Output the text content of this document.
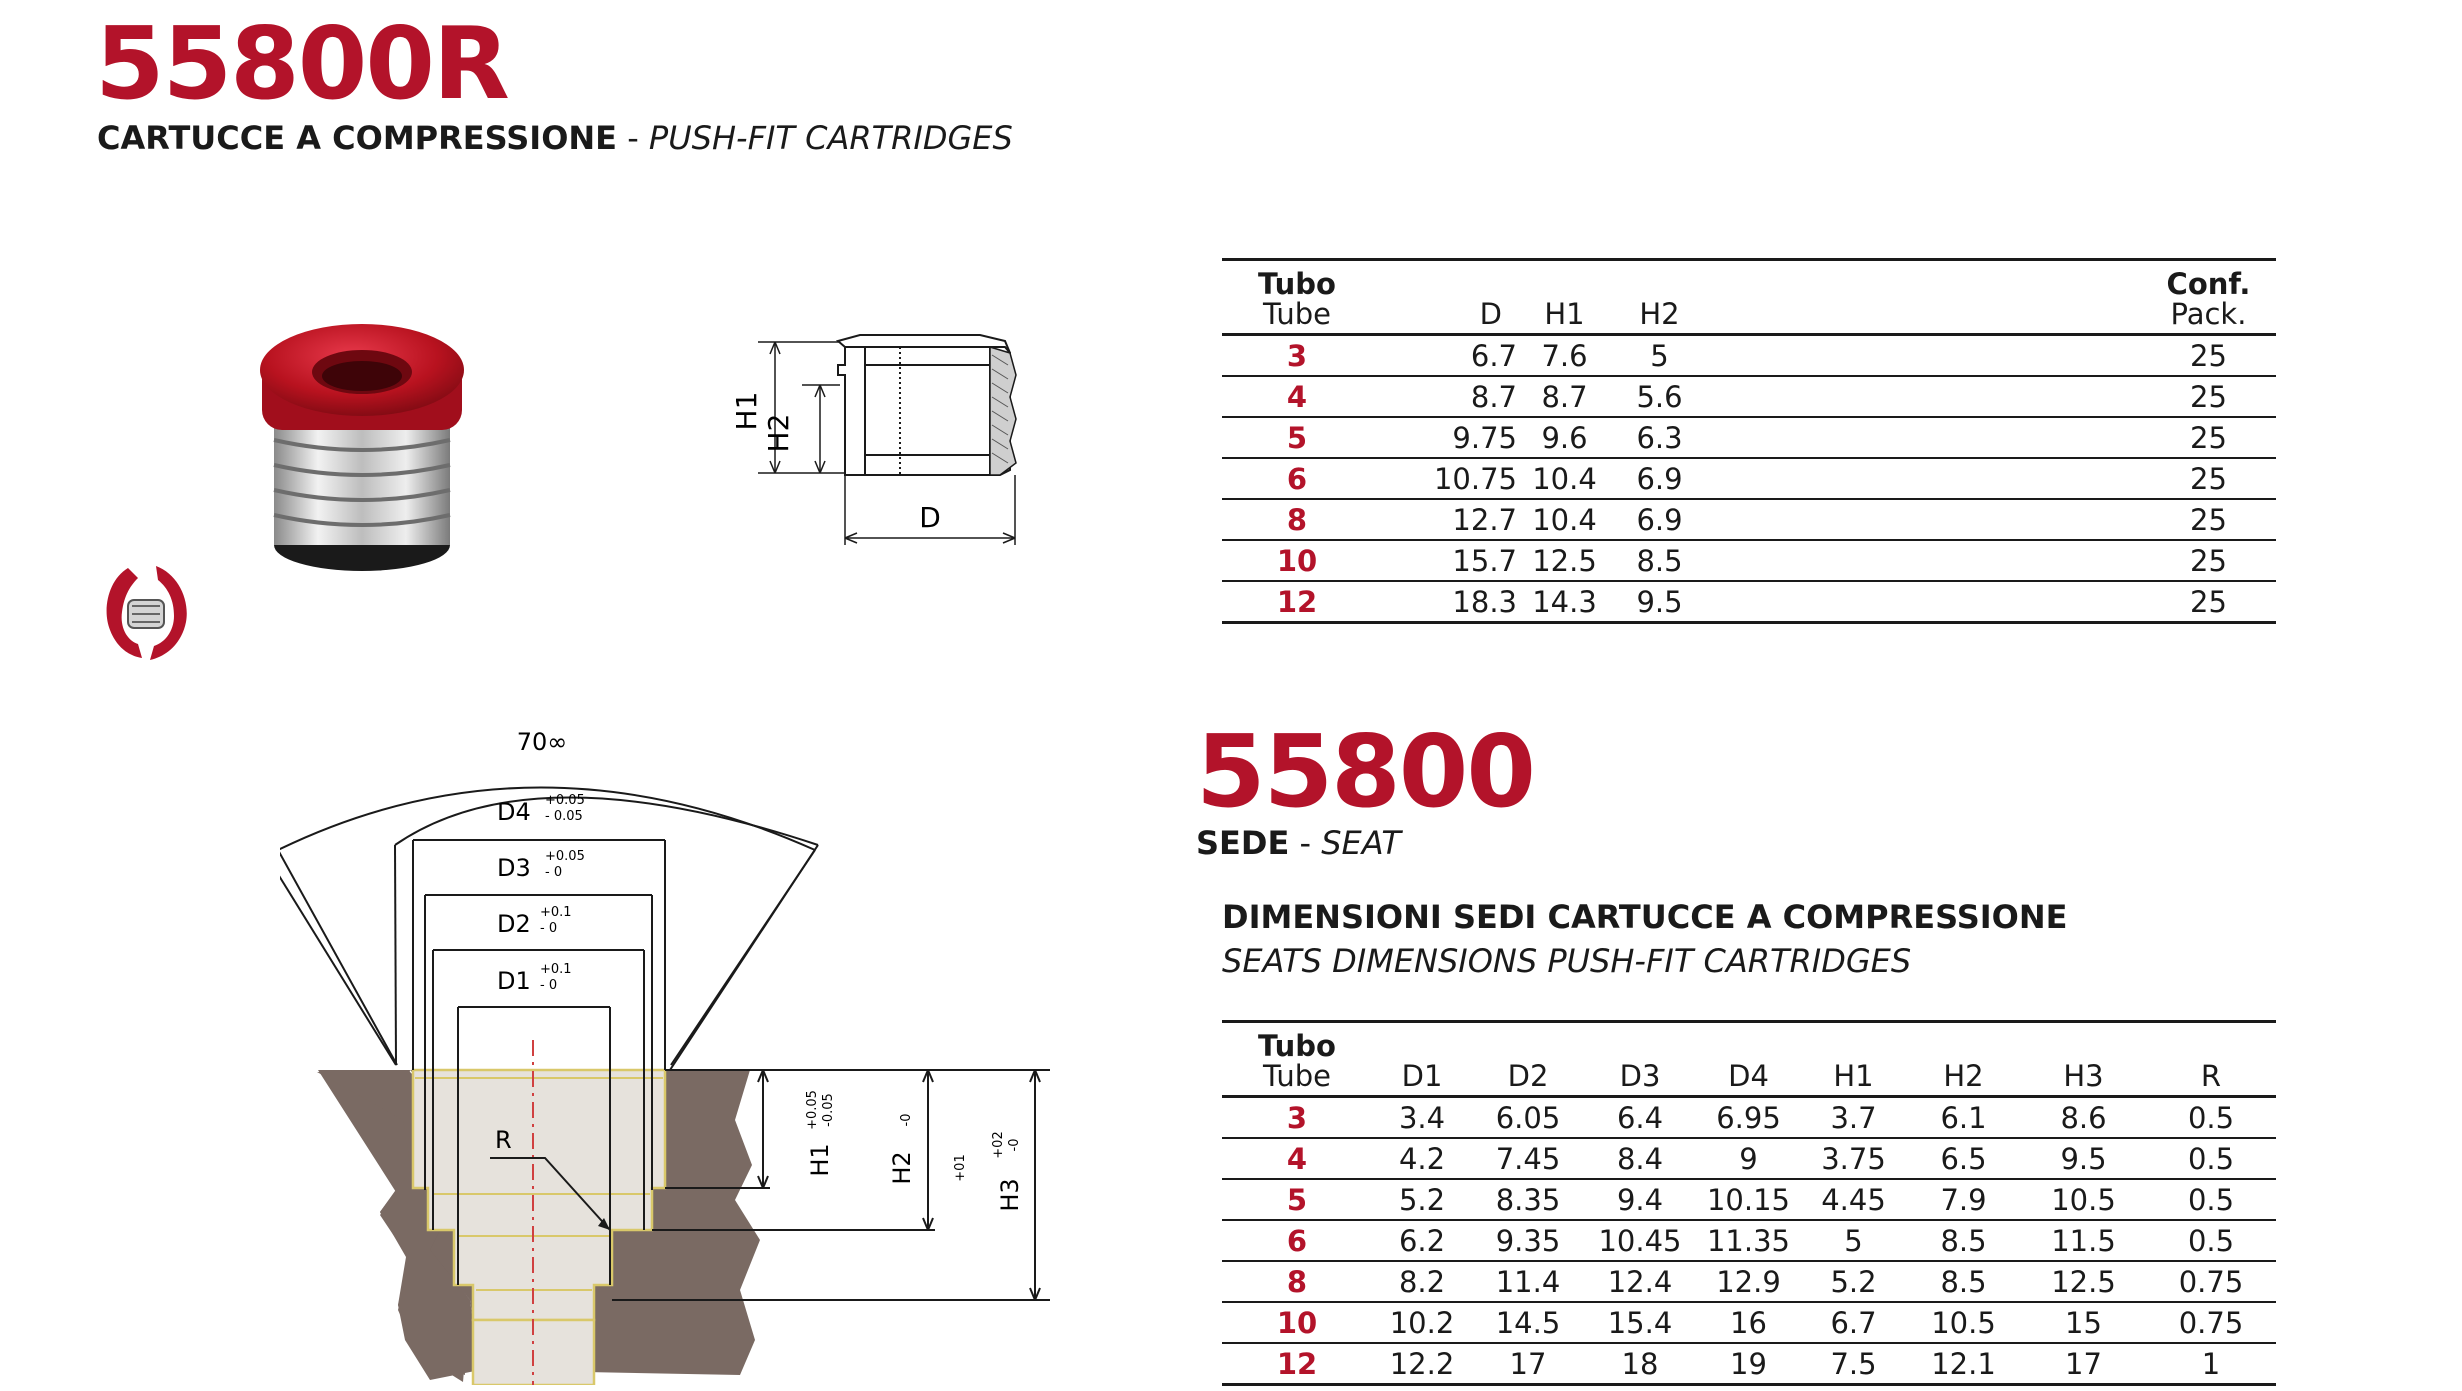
55800R
CARTUCCE A COMPRESSIONE - PUSH-FIT CARTRIDGES
H1
H2
D
Tubo
Tube	D	H1	H2		Conf.
Pack.

3	6.7	7.6	5		25
4	8.7	8.7	5.6		25
5	9.75	9.6	6.3		25
6	10.75	10.4	6.9		25
8	12.7	10.4	6.9		25
10	15.7	12.5	8.5		25
12	18.3	14.3	9.5		25
55800
SEDE - SEAT
DIMENSIONI SEDI CARTUCCE A COMPRESSIONE
SEATS DIMENSIONS PUSH-FIT CARTRIDGES
70∞
D4 +0.05
- 0.05
D3 +0.05
- 0
D2 +0.1
- 0
D1 +0.1
- 0
R
H1
+0.05 -0.05
H2
-0
+01
H3
+02 -0
Tubo
Tube	D1	D2	D3	D4	H1	H2	H3	R
3	3.4	6.05	6.4	6.95	3.7	6.1	8.6	0.5
4	4.2	7.45	8.4	9	3.75	6.5	9.5	0.5
5	5.2	8.35	9.4	10.15	4.45	7.9	10.5	0.5
6	6.2	9.35	10.45	11.35	5	8.5	11.5	0.5
8	8.2	11.4	12.4	12.9	5.2	8.5	12.5	0.75
10	10.2	14.5	15.4	16	6.7	10.5	15	0.75
12	12.2	17	18	19	7.5	12.1	17	1
